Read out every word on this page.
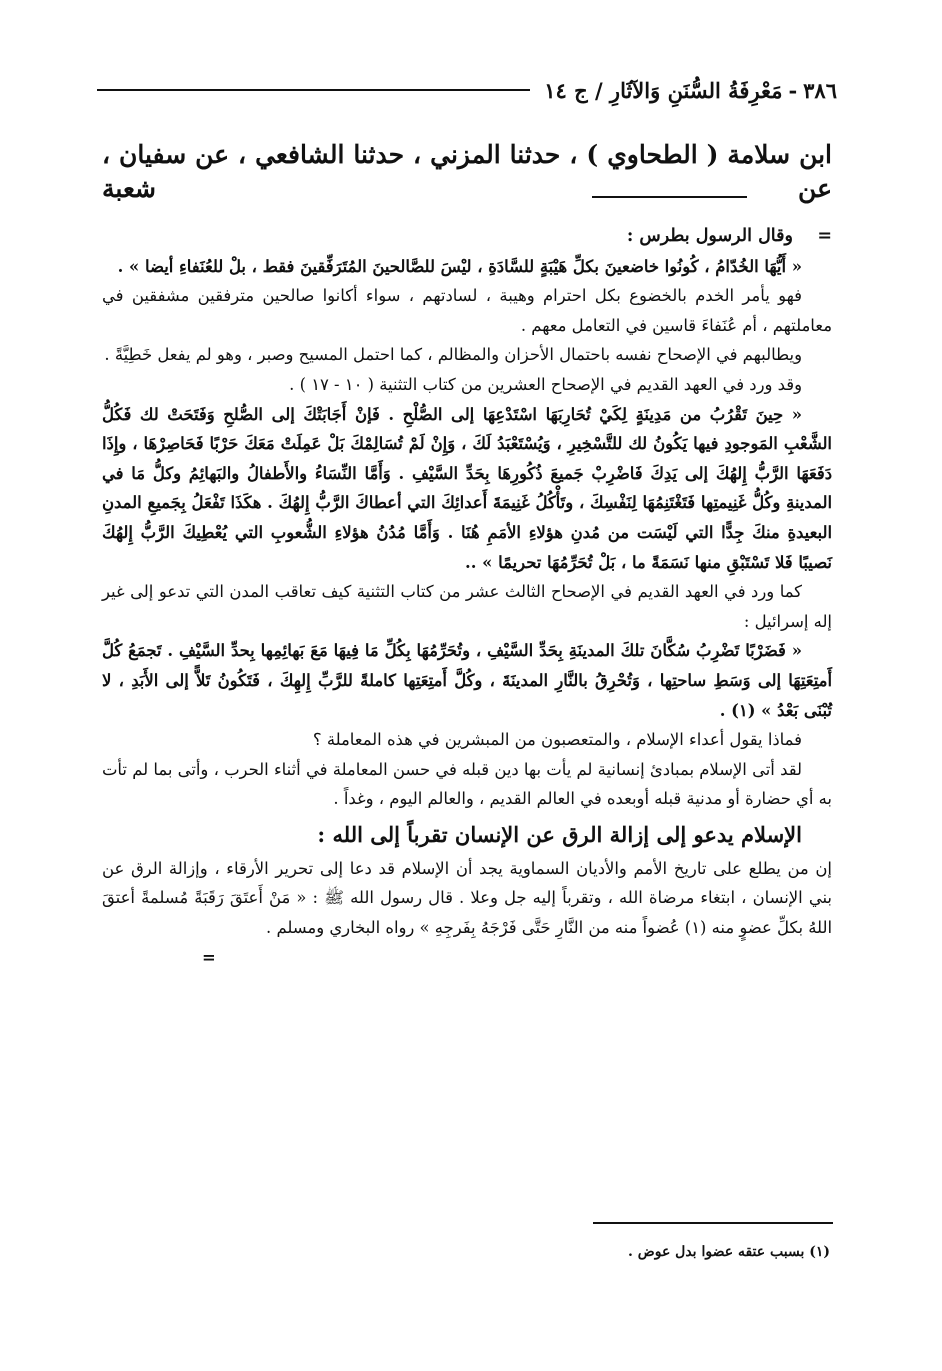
٣٨٦
-
مَعْرِفَةُ السُّنَنِ وَالآثَارِ / ج ١٤
ابن سلامة ( الطحاوي ) ، حدثنا المزني ، حدثنا الشافعي ، عن سفيان ، عن شعبة

=    وقال الرسول بطرس :

« أَيُّهَا الخُدّامُ ، كُونُوا خاضعينَ بكلِّ هَيْبَةٍ للسَّادَةِ ، ليْسَ للصَّالحينَ المُتَرَفِّقينَ فقط ، بلْ للعُنَفاءِ أيضا » .

فهو يأمر الخدم بالخضوع بكل احترام وهيبة ، لسادتهم ، سواء أكانوا صالحين مترفقين مشفقين في معاملتهم ، أم عُنَفاءَ قاسين في التعامل معهم .

ويطالبهم في الإصحاح نفسه باحتمال الأحزان والمظالم ، كما احتمل المسيح وصبر ، وهو لم يفعل خَطِيَّةً .

وقد ورد في العهد القديم في الإصحاح العشرين من كتاب التثنية ( ١٠ - ١٧ ) .

« حِينَ تَقْرُبُ من مَدِينَةٍ لِكَيْ تُحَارِبَهَا اسْتَدْعِهَا إلى الصُّلْحِ . فَإنْ أَجَابَتْكَ إلى الصُّلحِ وَفَتَحَتْ لك فَكُلُّ الشَّعْبِ المَوجودِ فيها يَكُونُ لك للتَّسْخِيرِ ، وَيُسْتَعْبَدُ لَكَ ، وَإِنْ لَمْ تُسَالِمْكَ بَلْ عَمِلَتْ مَعَكَ حَرْبًا فَحَاصِرْهَا ، وإِذَا دَفَعَهَا الرَّبُّ إِلهُكَ إلى يَدِكَ فَاضْرِبْ جَميعَ ذُكُورِهَا بِحَدِّ السَّيْفِ . وَأَمَّا النِّسَاءُ والأَطفالُ والبَهائِمُ وكلُّ مَا في المدينةِ وكُلُّ غَنِيمتِها فَتَغْتَنِمُهَا لِنَفْسِكَ ، وتَأْكُلُ غَنِيمَةَ أَعدائِكَ التي أعطاكَ الرَّبُّ إِلهُكَ . هكَذَا تَفْعَلُ بِجَميعِ المدنِ البعيدةِ منكَ جِدًّا التي لَيْسَت من مُدنِ هؤلاءِ الأمَمِ هُنَا . وَأَمَّا مُدُنُ هؤلاءِ الشُّعوبِ التي يُعْطِيكَ الرَّبُّ إِلهُكَ نَصيبًا فَلا تَسْتَبْقِ منها نَسَمَةً ما ، بَلْ تُحَرِّمُهَا تحريمًا » ..

كما ورد في العهد القديم في الإصحاح الثالث عشر من كتاب التثنية كيف تعاقب المدن التي تدعو إلى غير إله إسرائيل :

« فَضَرْبًا تَضْرِبُ سُكَّانَ تلكَ المدينَةِ بِحَدِّ السَّيْفِ ، وتُحَرِّمُهَا بِكُلِّ مَا فِيهَا مَعَ بَهائِمِها بِحدِّ السَّيْفِ . تَجمَعُ كُلَّ أَمتِعَتِهَا إلى وَسَطِ ساحتِها ، وَتُحْرِقُ بالنَّارِ المدينَةَ ، وكُلَّ أَمتِعَتِها كاملةً للرَّبِّ إِلهِكَ ، فَتَكُونُ تَلاًّ إلى الأَبَدِ ، لا تُبْنَى بَعْدُ » (١) .

فماذا يقول أعداء الإسلام ، والمتعصبون من المبشرين في هذه المعاملة ؟

لقد أتى الإسلام بمبادئ إنسانية لم يأت بها دين قبله في حسن المعاملة في أثناء الحرب ، وأتى بما لم تأت به أي حضارة أو مدنية قبله أوبعده في العالم القديم ، والعالم اليوم ، وغداً .

الإسلام يدعو إلى إزالة الرق عن الإنسان تقرباً إلى الله :

إن من يطلع على تاريخ الأمم والأديان السماوية يجد أن الإسلام قد دعا إلى تحرير الأرقاء ، وإزالة الرق عن بني الإنسان ، ابتغاء مرضاة الله ، وتقرباً إليه جل وعلا . قال رسول الله ﷺ : « مَنْ أَعتَقَ رَقَبَةً مُسلمةً أعتقَ اللهُ بكلِّ عضوٍ منه (١) عُضواً منه من النَّارِ حَتَّى فَرْجَهُ بِفَرجِهِ » رواه البخاري ومسلم .

=

(١) بسبب عتقه عضوا بدل عوض .
